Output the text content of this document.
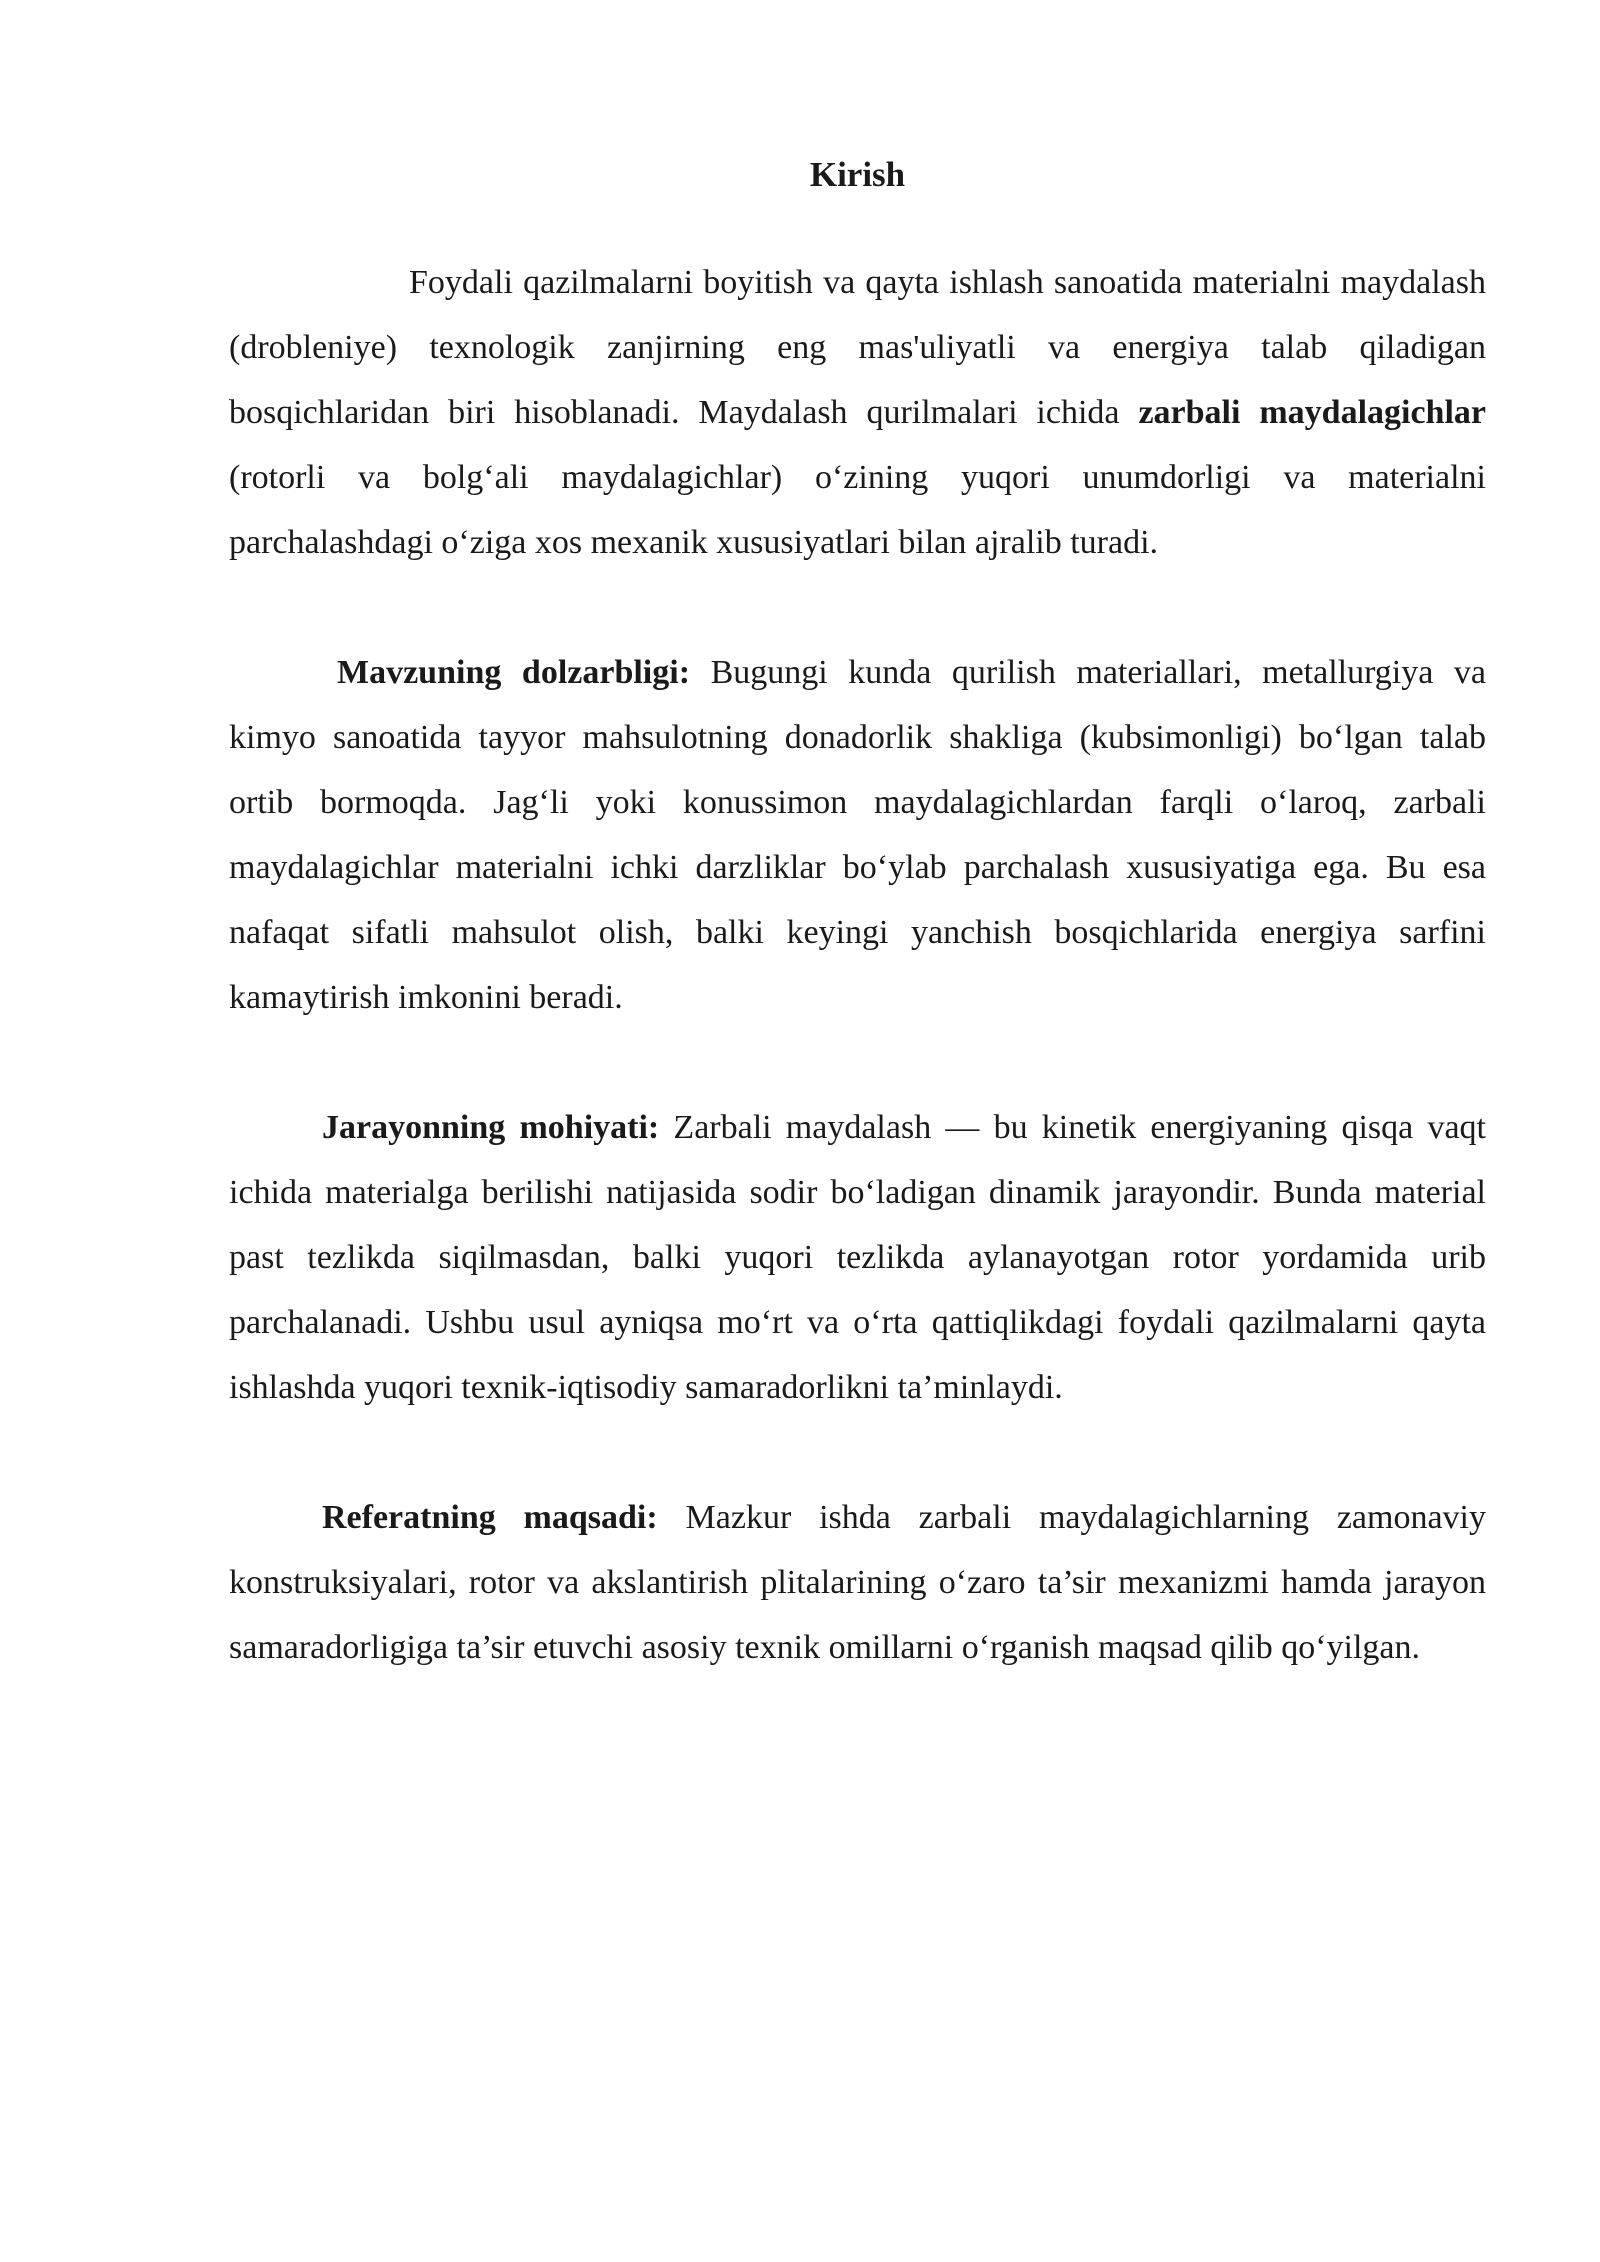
Kirish

Foydali qazilmalarni boyitish va qayta ishlash sanoatida materialni maydalash (drobleniye) texnologik zanjirning eng mas'uliyatli va energiya talab qiladigan bosqichlaridan biri hisoblanadi. Maydalash qurilmalari ichida zarbali maydalagichlar (rotorli va bolg‘ali maydalagichlar) o‘zining yuqori unumdorligi va materialni parchalashdagi o‘ziga xos mexanik xususiyatlari bilan ajralib turadi.

Mavzuning dolzarbligi: Bugungi kunda qurilish materiallari, metallurgiya va kimyo sanoatida tayyor mahsulotning donadorlik shakliga (kubsimonligi) bo‘lgan talab ortib bormoqda. Jag‘li yoki konussimon maydalagichlardan farqli o‘laroq, zarbali maydalagichlar materialni ichki darzliklar bo‘ylab parchalash xususiyatiga ega. Bu esa nafaqat sifatli mahsulot olish, balki keyingi yanchish bosqichlarida energiya sarfini kamaytirish imkonini beradi.

Jarayonning mohiyati: Zarbali maydalash — bu kinetik energiyaning qisqa vaqt ichida materialga berilishi natijasida sodir bo‘ladigan dinamik jarayondir. Bunda material past tezlikda siqilmasdan, balki yuqori tezlikda aylanayotgan rotor yordamida urib parchalanadi. Ushbu usul ayniqsa mo‘rt va o‘rta qattiqlikdagi foydali qazilmalarni qayta ishlashda yuqori texnik-iqtisodiy samaradorlikni ta’minlaydi.

Referatning maqsadi: Mazkur ishda zarbali maydalagichlarning zamonaviy konstruksiyalari, rotor va akslantirish plitalarining o‘zaro ta’sir mexanizmi hamda jarayon samaradorligiga ta’sir etuvchi asosiy texnik omillarni o‘rganish maqsad qilib qo‘yilgan.
